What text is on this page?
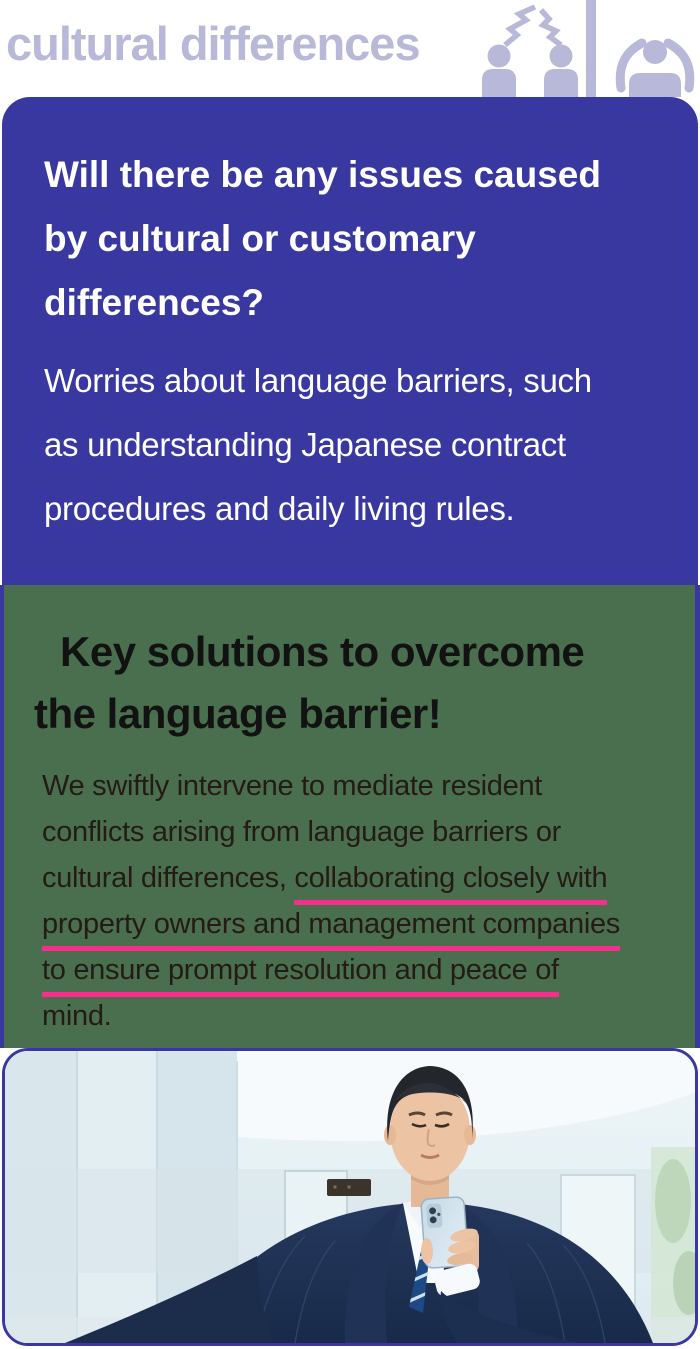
cultural differences
Will there be any issues caused
by cultural or customary
differences?
Worries about language barriers, such
as understanding Japanese contract
procedures and daily living rules.
Key solutions to overcome
the language barrier!
We swiftly intervene to mediate resident
conflicts arising from language barriers or
cultural differences, collaborating closely with
property owners and management companies
to ensure prompt resolution and peace of
mind.
